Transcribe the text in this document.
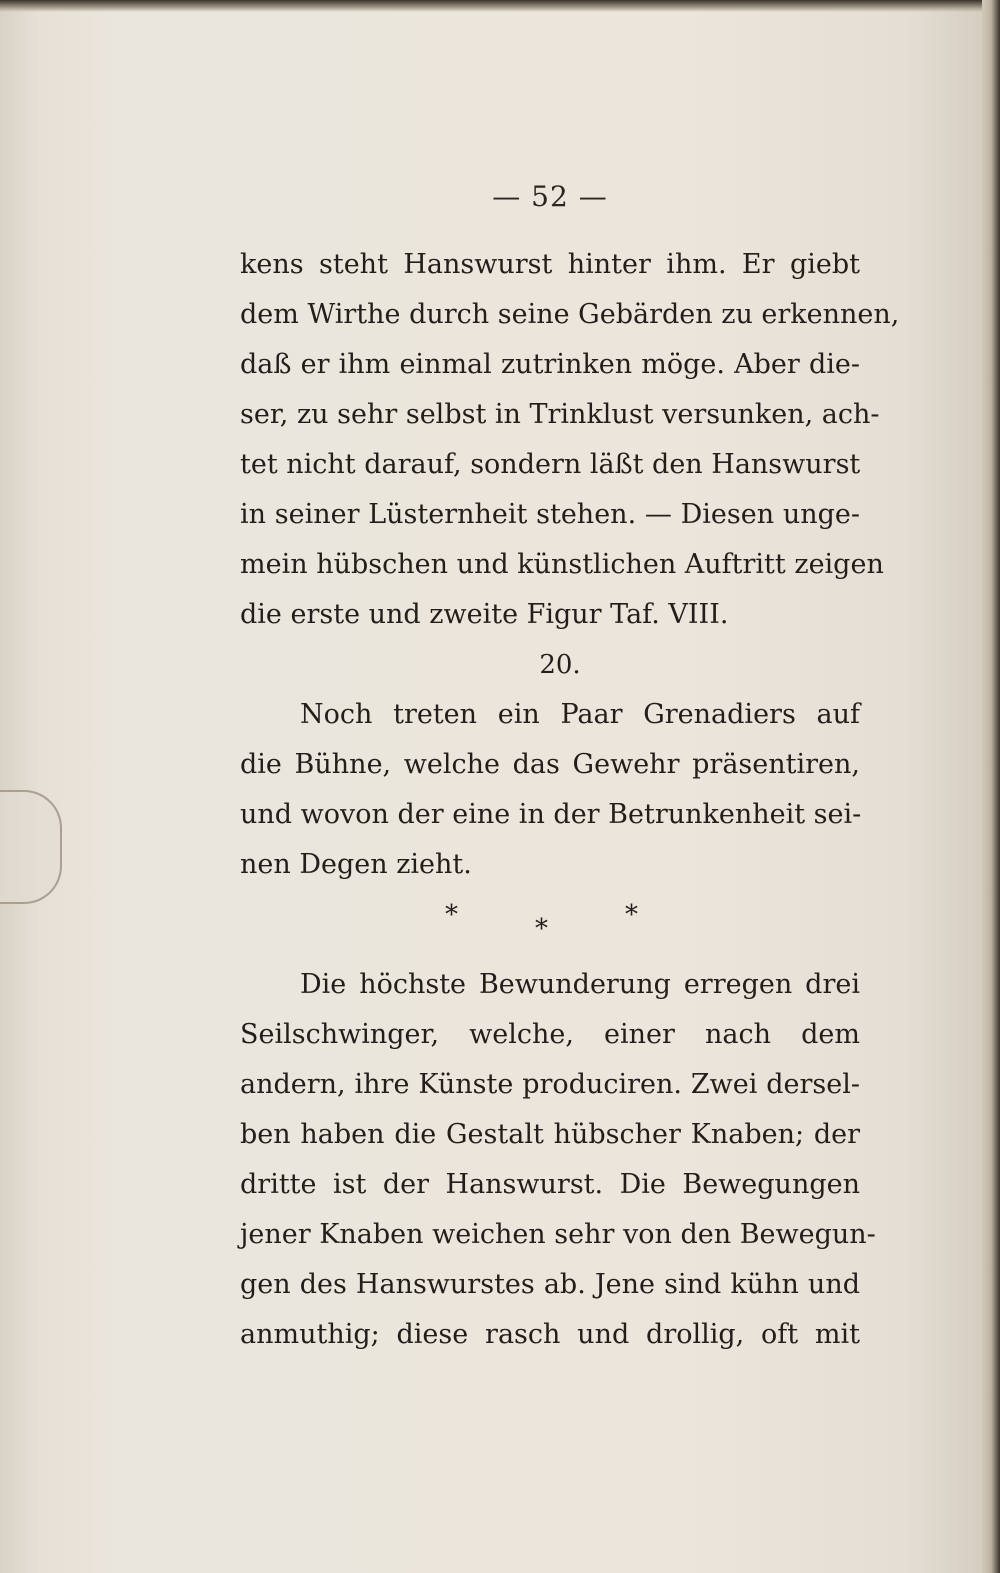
— 52 —
kens steht Hanswurst hinter ihm. Er giebt
dem Wirthe durch seine Gebärden zu erkennen,
daß er ihm einmal zutrinken möge. Aber die-
ser, zu sehr selbst in Trinklust versunken, ach-
tet nicht darauf, sondern läßt den Hanswurst
in seiner Lüsternheit stehen. — Diesen unge-
mein hübschen und künstlichen Auftritt zeigen
die erste und zweite Figur Taf. VIII.
20.
Noch treten ein Paar Grenadiers auf
die Bühne, welche das Gewehr präsentiren,
und wovon der eine in der Betrunkenheit sei-
nen Degen zieht.
*	*	*
Die höchste Bewunderung erregen drei
Seilschwinger, welche, einer nach dem
andern, ihre Künste produciren. Zwei dersel-
ben haben die Gestalt hübscher Knaben; der
dritte ist der Hanswurst. Die Bewegungen
jener Knaben weichen sehr von den Bewegun-
gen des Hanswurstes ab. Jene sind kühn und
anmuthig; diese rasch und drollig, oft mit
